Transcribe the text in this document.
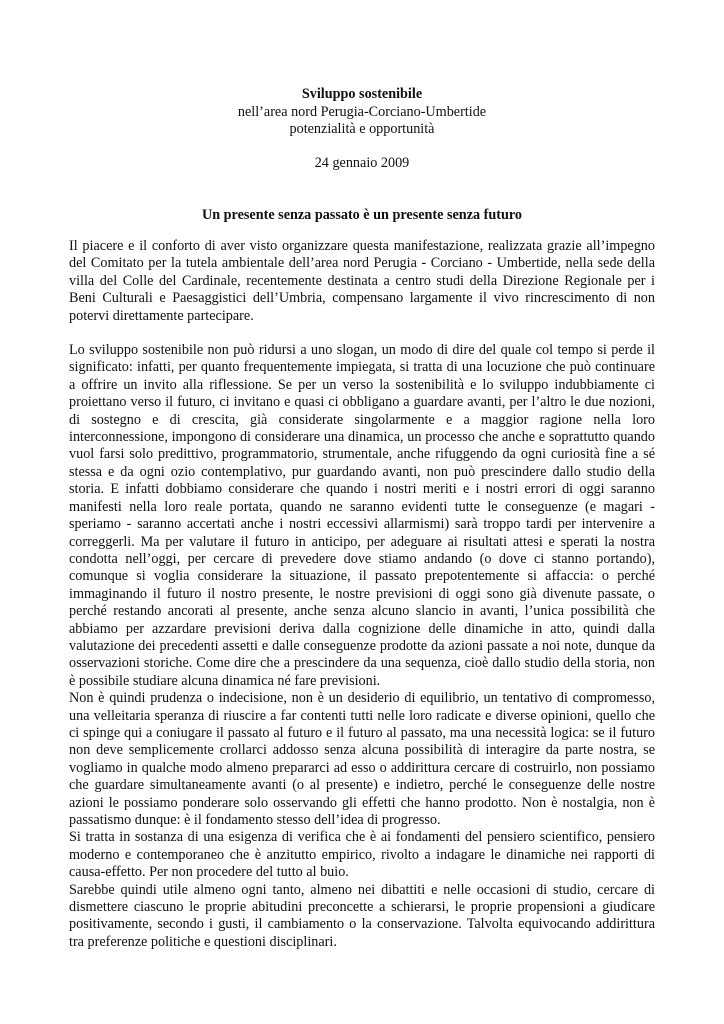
Sviluppo sostenibile
nell’area nord Perugia-Corciano-Umbertide
potenzialità e opportunità
24 gennaio 2009
Un presente senza passato è un presente senza futuro

Il piacere e il conforto di aver visto organizzare questa manifestazione, realizzata grazie all’impegno del Comitato per la tutela ambientale dell’area nord Perugia - Corciano - Umbertide, nella sede della villa del Colle del Cardinale, recentemente destinata a centro studi della Direzione Regionale per i Beni Culturali e Paesaggistici dell’Umbria, compensano largamente il vivo rincrescimento di non potervi direttamente partecipare.

Lo sviluppo sostenibile non può ridursi a uno slogan, un modo di dire del quale col tempo si perde il significato: infatti, per quanto frequentemente impiegata, si tratta di una locuzione che può continuare a offrire un invito alla riflessione. Se per un verso la sostenibilità e lo sviluppo indubbiamente ci proiettano verso il futuro, ci invitano e quasi ci obbligano a guardare avanti, per l’altro le due nozioni, di sostegno e di crescita, già considerate singolarmente e a maggior ragione nella loro interconnessione, impongono di considerare una dinamica, un processo che anche e soprattutto quando vuol farsi solo predittivo, programmatorio, strumentale, anche rifuggendo da ogni curiosità fine a sé stessa e da ogni ozio contemplativo, pur guardando avanti, non può prescindere dallo studio della storia. E infatti dobbiamo considerare che quando i nostri meriti e i nostri errori di oggi saranno manifesti nella loro reale portata, quando ne saranno evidenti tutte le conseguenze (e magari - speriamo - saranno accertati anche i nostri eccessivi allarmismi) sarà troppo tardi per intervenire a correggerli. Ma per valutare il futuro in anticipo, per adeguare ai risultati attesi e sperati la nostra condotta nell’oggi, per cercare di prevedere dove stiamo andando (o dove ci stanno portando), comunque si voglia considerare la situazione, il passato prepotentemente si affaccia: o perché immaginando il futuro il nostro presente, le nostre previsioni di oggi sono già divenute passate, o perché restando ancorati al presente, anche senza alcuno slancio in avanti, l’unica possibilità che abbiamo per azzardare previsioni deriva dalla cognizione delle dinamiche in atto, quindi dalla valutazione dei precedenti assetti e dalle conseguenze prodotte da azioni passate a noi note, dunque da osservazioni storiche. Come dire che a prescindere da una sequenza, cioè dallo studio della storia, non è possibile studiare alcuna dinamica né fare previsioni.

Non è quindi prudenza o indecisione, non è un desiderio di equilibrio, un tentativo di compromesso, una velleitaria speranza di riuscire a far contenti tutti nelle loro radicate e diverse opinioni, quello che ci spinge qui a coniugare il passato al futuro e il futuro al passato, ma una necessità logica: se il futuro non deve semplicemente crollarci addosso senza alcuna possibilità di interagire da parte nostra, se vogliamo in qualche modo almeno prepararci ad esso o addirittura cercare di costruirlo, non possiamo che guardare simultaneamente avanti (o al presente) e indietro, perché le conseguenze delle nostre azioni le possiamo ponderare solo osservando gli effetti che hanno prodotto. Non è nostalgia, non è passatismo dunque: è il fondamento stesso dell’idea di progresso.

Si tratta in sostanza di una esigenza di verifica che è ai fondamenti del pensiero scientifico, pensiero moderno e contemporaneo che è anzitutto empirico, rivolto a indagare le dinamiche nei rapporti di causa-effetto. Per non procedere del tutto al buio.

Sarebbe quindi utile almeno ogni tanto, almeno nei dibattiti e nelle occasioni di studio, cercare di dismettere ciascuno le proprie abitudini preconcette a schierarsi, le proprie propensioni a giudicare positivamente, secondo i gusti, il cambiamento o la conservazione. Talvolta equivocando addirittura tra preferenze politiche e questioni disciplinari.
